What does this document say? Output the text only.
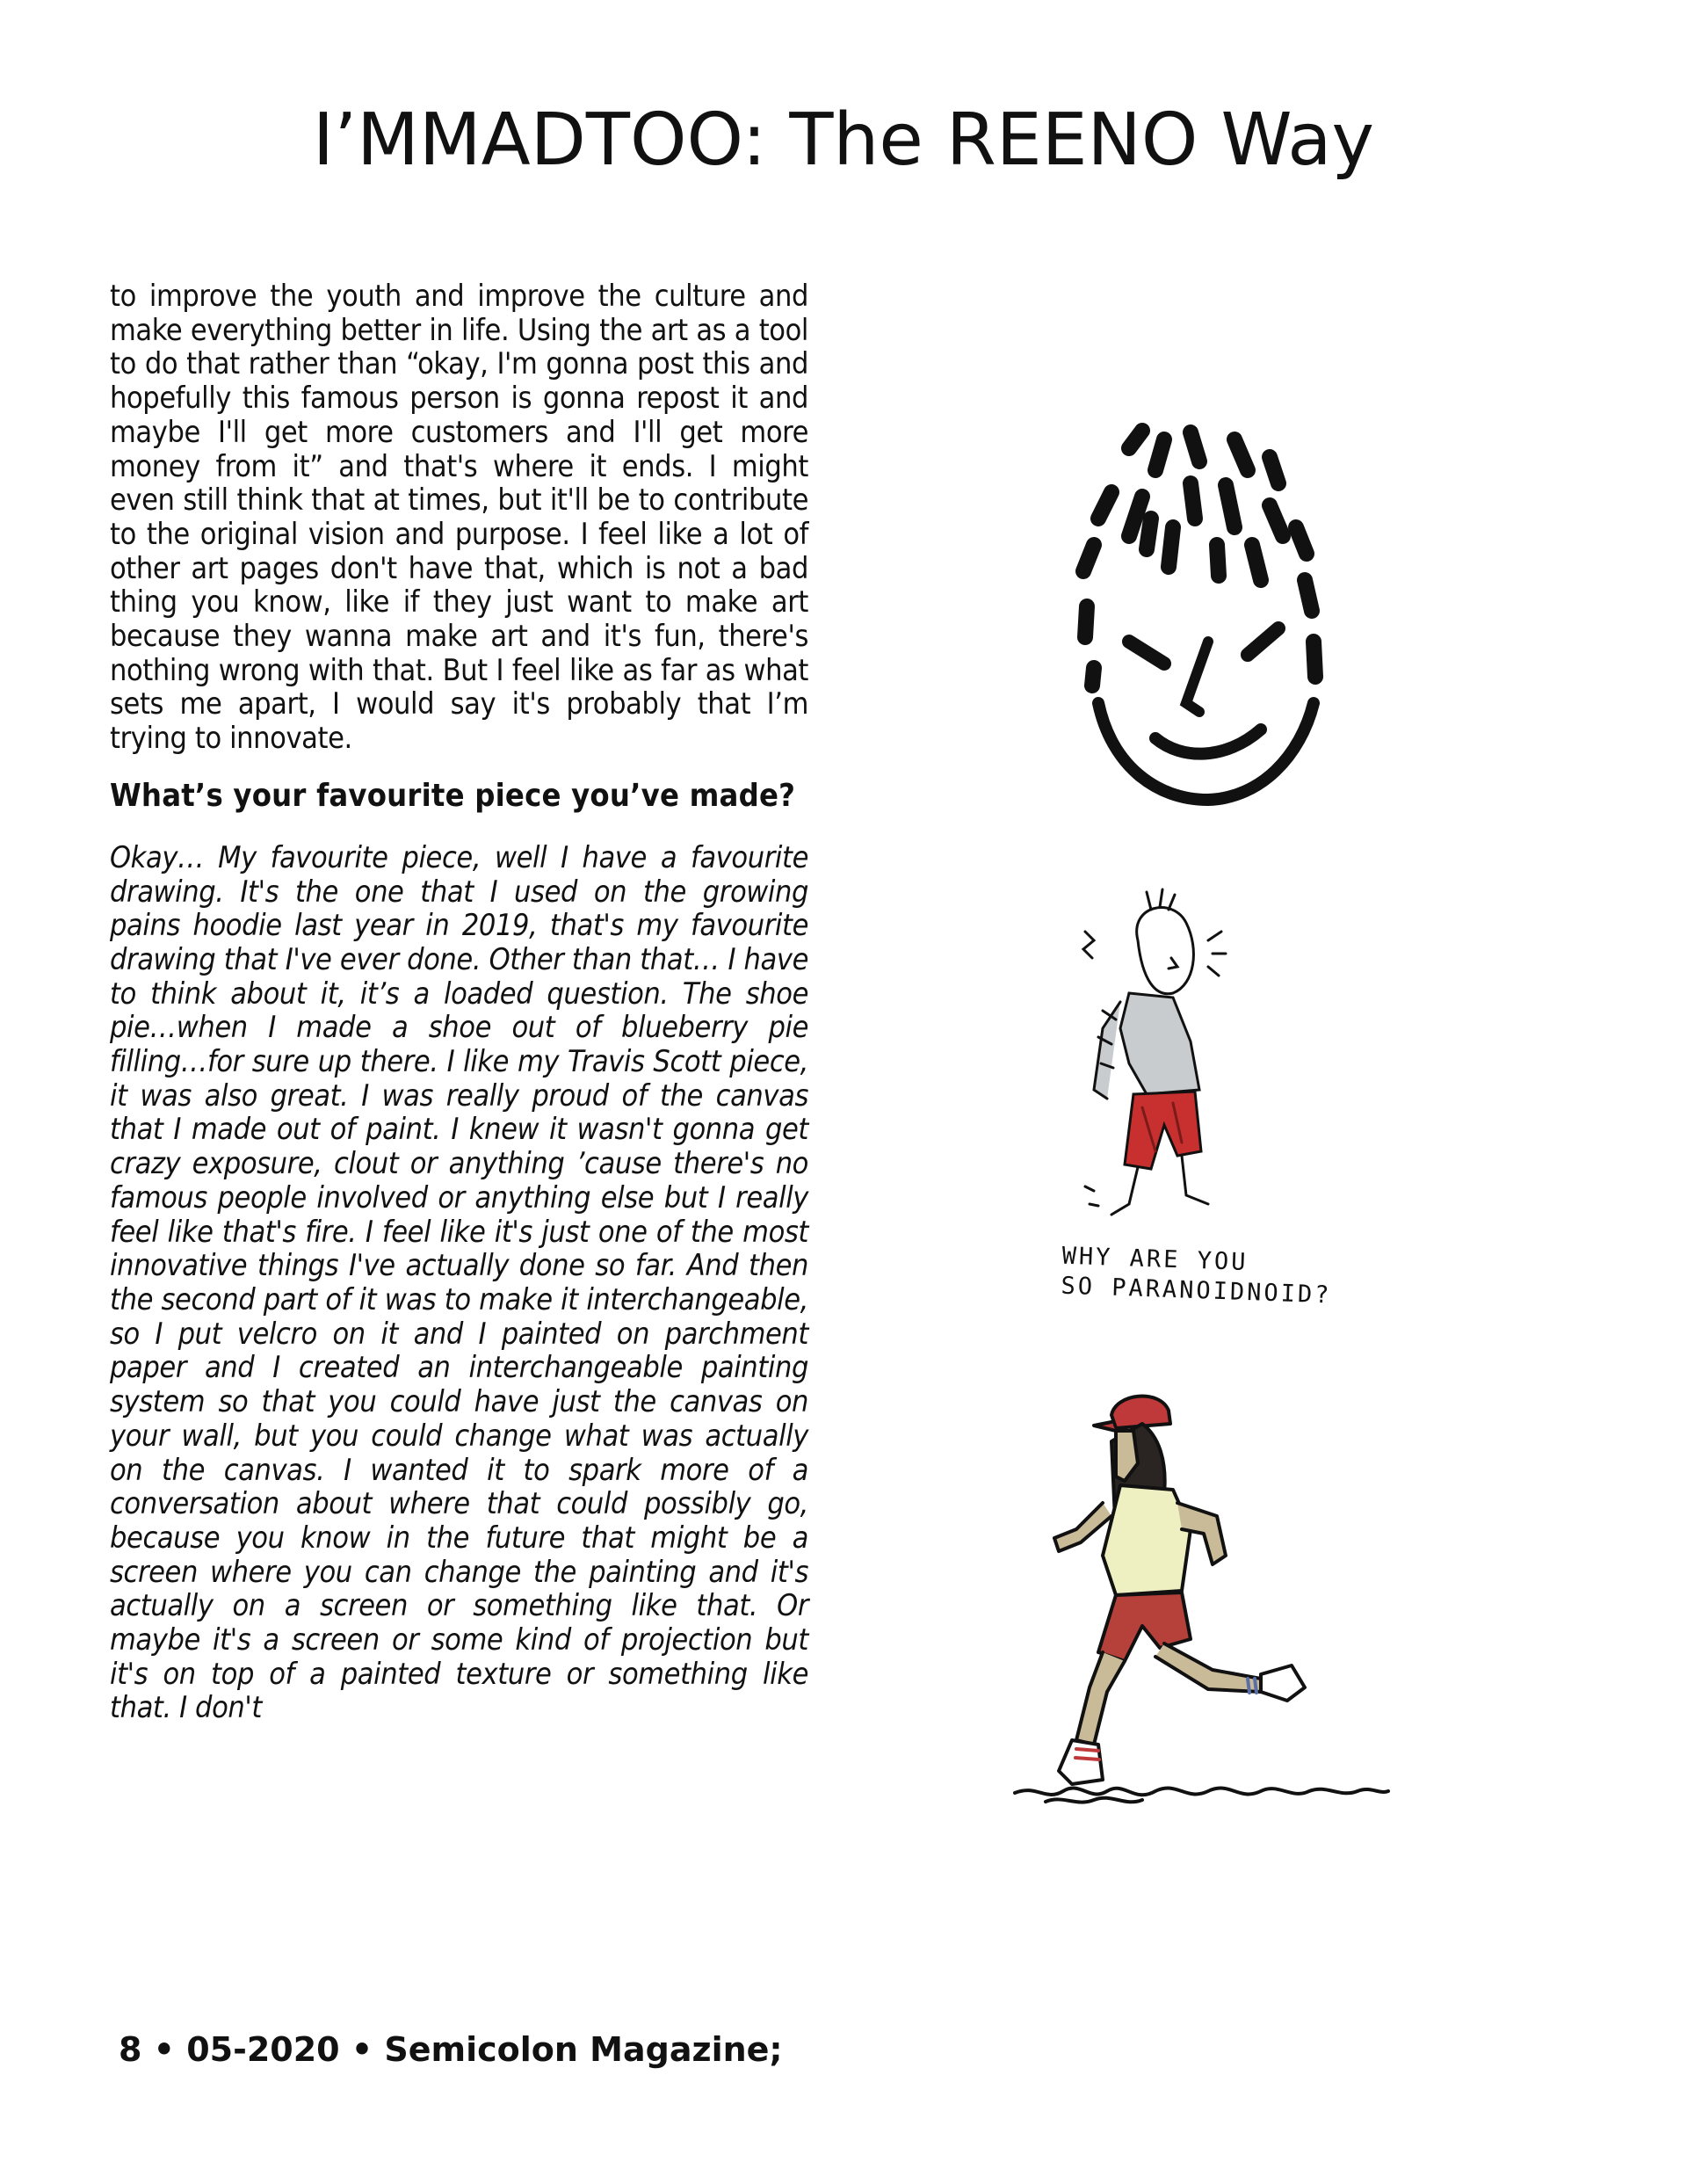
I’MMADTOO: The REENO Way

to improve the youth and improve the culture and make everything better in life. Using the art as a tool to do that rather than “okay, I'm gonna post this and hopefully this famous person is gonna repost it and maybe I'll get more customers and I'll get more money from it” and that's where it ends. I might even still think that at times, but it'll be to contribute to the original vision and purpose. I feel like a lot of other art pages don't have that, which is not a bad thing you know, like if they just want to make art because they wanna make art and it's fun, there's nothing wrong with that. But I feel like as far as what sets me apart, I would say it's probably that I’m trying to innovate.

What’s your favourite piece you’ve made?

Okay… My favourite piece, well I have a favourite drawing. It's the one that I used on the growing pains hoodie last year in 2019, that's my favourite drawing that I've ever done. Other than that… I have to think about it, it’s a loaded question. The shoe pie…when I made a shoe out of blueberry pie filling…for sure up there. I like my Travis Scott piece, it was also great. I was really proud of the canvas that I made out of paint. I knew it wasn't gonna get crazy exposure, clout or anything ’cause there's no famous people involved or anything else but I really feel like that's fire. I feel like it's just one of the most innovative things I've actually done so far. And then the second part of it was to make it interchangeable, so I put velcro on it and I painted on parchment paper and I created an interchangeable painting system so that you could have just the canvas on your wall, but you could change what was actually on the canvas. I wanted it to spark more of a conversation about where that could possibly go, because you know in the future that might be a screen where you can change the painting and it's actually on a screen or something like that. Or maybe it's a screen or some kind of projection but it's on top of a painted texture or something like that. I don't

WHY ARE YOU
SO PARANOIDNOID?
8 • 05-2020 • Semicolon Magazine;
